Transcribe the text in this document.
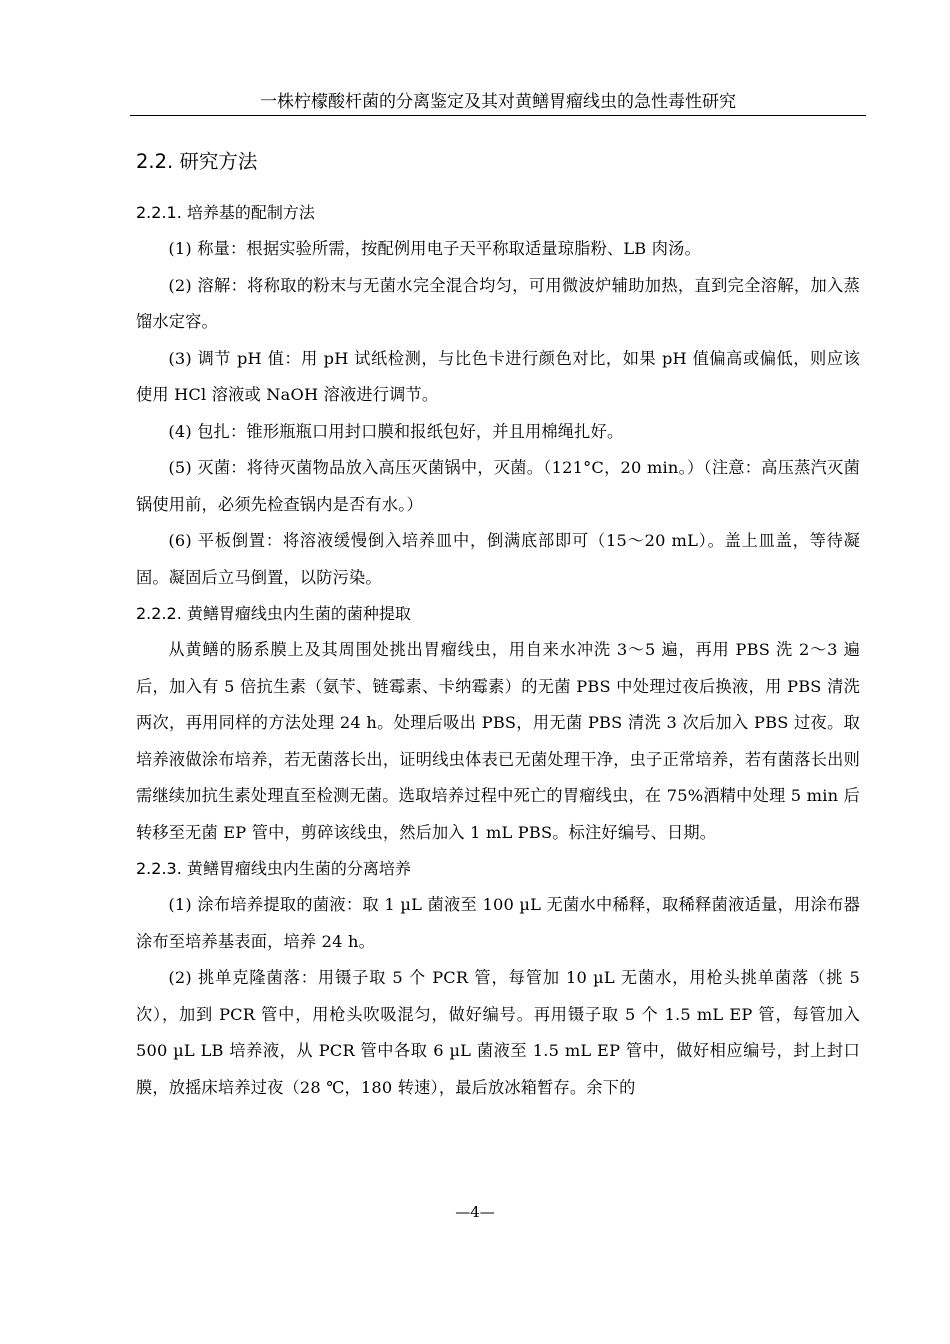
一株柠檬酸杆菌的分离鉴定及其对黄鳝胃瘤线虫的急性毒性研究
2.2. 研究方法
2.2.1. 培养基的配制方法

(1) 称量：根据实验所需，按配例用电子天平称取适量琼脂粉、LB 肉汤。

(2) 溶解：将称取的粉末与无菌水完全混合均匀，可用微波炉辅助加热，直到完全溶解，加入蒸馏水定容。

(3) 调节 pH 值：用 pH 试纸检测，与比色卡进行颜色对比，如果 pH 值偏高或偏低，则应该使用 HCl 溶液或 NaOH 溶液进行调节。

(4) 包扎：锥形瓶瓶口用封口膜和报纸包好，并且用棉绳扎好。

(5) 灭菌：将待灭菌物品放入高压灭菌锅中，灭菌。（121°C，20 min。）（注意：高压蒸汽灭菌锅使用前，必须先检查锅内是否有水。）

(6) 平板倒置：将溶液缓慢倒入培养皿中，倒满底部即可（15～20 mL）。盖上皿盖，等待凝固。凝固后立马倒置，以防污染。

2.2.2. 黄鳝胃瘤线虫内生菌的菌种提取

从黄鳝的肠系膜上及其周围处挑出胃瘤线虫，用自来水冲洗 3～5 遍，再用 PBS 洗 2～3 遍后，加入有 5 倍抗生素（氨苄、链霉素、卡纳霉素）的无菌 PBS 中处理过夜后换液，用 PBS 清洗两次，再用同样的方法处理 24 h。处理后吸出 PBS，用无菌 PBS 清洗 3 次后加入 PBS 过夜。取培养液做涂布培养，若无菌落长出，证明线虫体表已无菌处理干净，虫子正常培养，若有菌落长出则需继续加抗生素处理直至检测无菌。选取培养过程中死亡的胃瘤线虫，在 75%酒精中处理 5 min 后转移至无菌 EP 管中，剪碎该线虫，然后加入 1 mL PBS。标注好编号、日期。

2.2.3. 黄鳝胃瘤线虫内生菌的分离培养

(1) 涂布培养提取的菌液：取 1 µL 菌液至 100 µL 无菌水中稀释，取稀释菌液适量，用涂布器涂布至培养基表面，培养 24 h。

(2) 挑单克隆菌落：用镊子取 5 个 PCR 管，每管加 10 µL 无菌水，用枪头挑单菌落（挑 5 次），加到 PCR 管中，用枪头吹吸混匀，做好编号。再用镊子取 5 个 1.5 mL EP 管，每管加入 500 µL LB 培养液，从 PCR 管中各取 6 µL 菌液至 1.5 mL EP 管中，做好相应编号，封上封口膜，放摇床培养过夜（28 ℃，180 转速），最后放冰箱暂存。余下的

—4—
